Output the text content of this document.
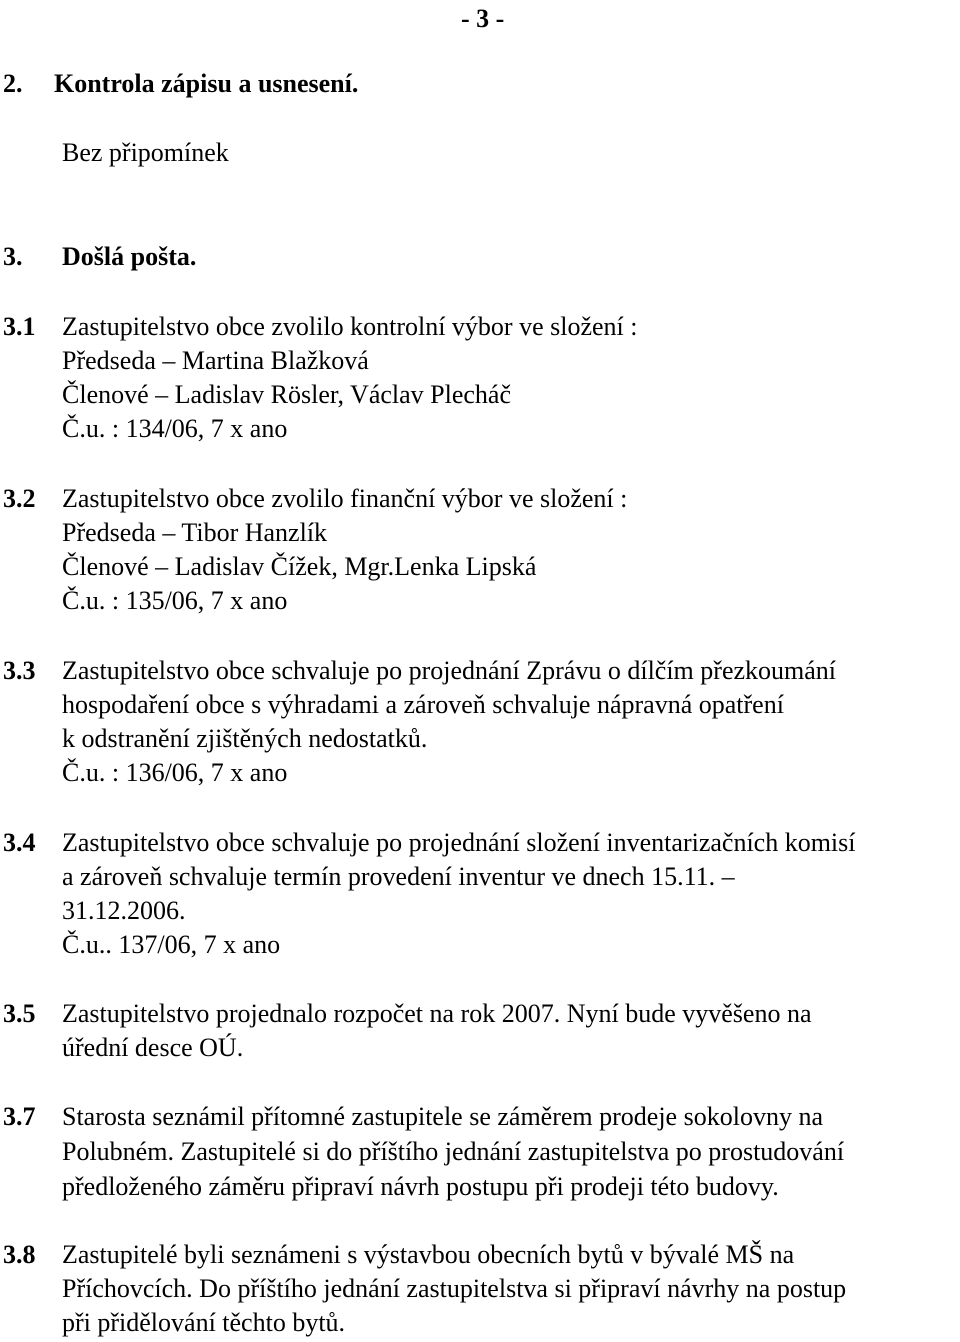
- 3 -
2. Kontrola zápisu a usnesení.
Bez připomínek
3. Došlá pošta.
3.1 Zastupitelstvo obce zvolilo kontrolní výbor ve složení :
Předseda – Martina Blažková
Členové – Ladislav Rösler, Václav Plecháč
Č.u. : 134/06, 7 x ano
3.2 Zastupitelstvo obce zvolilo finanční výbor ve složení :
Předseda – Tibor Hanzlík
Členové – Ladislav Čížek, Mgr.Lenka Lipská
Č.u. : 135/06, 7 x ano
3.3 Zastupitelstvo obce schvaluje po projednání Zprávu o dílčím přezkoumání
hospodaření obce s výhradami a zároveň schvaluje nápravná opatření
k odstranění zjištěných nedostatků.
Č.u. : 136/06, 7 x ano
3.4 Zastupitelstvo obce schvaluje po projednání složení inventarizačních komisí
a zároveň schvaluje termín provedení inventur ve dnech 15.11. –
31.12.2006.
Č.u.. 137/06, 7 x ano
3.5 Zastupitelstvo projednalo rozpočet na rok 2007. Nyní bude vyvěšeno na
úřední desce OÚ.
3.7 Starosta seznámil přítomné zastupitele se záměrem prodeje sokolovny na
Polubném. Zastupitelé si do příštího jednání zastupitelstva po prostudování
předloženého záměru připraví návrh postupu při prodeji této budovy.
3.8 Zastupitelé byli seznámeni s výstavbou obecních bytů v bývalé MŠ na
Příchovcích. Do příštího jednání zastupitelstva si připraví návrhy na postup
při přidělování těchto bytů.
